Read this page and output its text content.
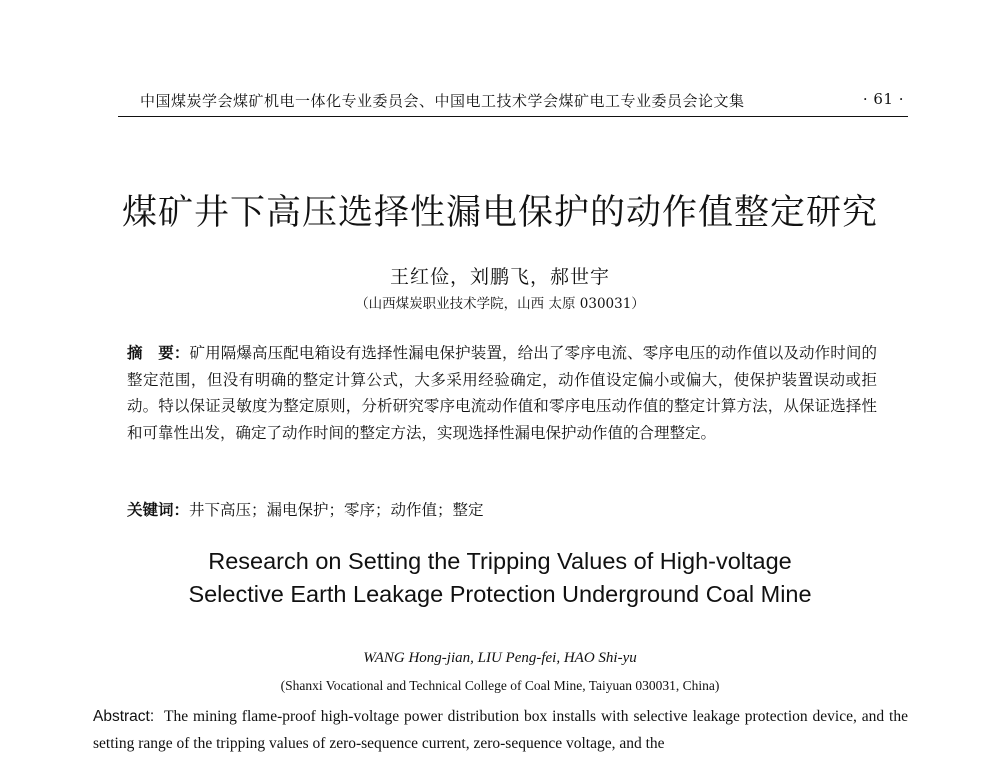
中国煤炭学会煤矿机电一体化专业委员会、中国电工技术学会煤矿电工专业委员会论文集	· 61 ·
煤矿井下高压选择性漏电保护的动作值整定研究
王红俭，刘鹏飞，郝世宇
（山西煤炭职业技术学院，山西 太原 030031）
摘　要：矿用隔爆高压配电箱设有选择性漏电保护装置，给出了零序电流、零序电压的动作值以及动作时间的整定范围，但没有明确的整定计算公式，大多采用经验确定，动作值设定偏小或偏大，使保护装置误动或拒动。特以保证灵敏度为整定原则，分析研究零序电流动作值和零序电压动作值的整定计算方法，从保证选择性和可靠性出发，确定了动作时间的整定方法，实现选择性漏电保护动作值的合理整定。
关键词：井下高压；漏电保护；零序；动作值；整定
Research on Setting the Tripping Values of High-voltage
Selective Earth Leakage Protection Underground Coal Mine
WANG Hong-jian, LIU Peng-fei, HAO Shi-yu
(Shanxi Vocational and Technical College of Coal Mine, Taiyuan 030031, China)
Abstract: The mining flame-proof high-voltage power distribution box installs with selective leakage protection device, and the setting range of the tripping values of zero-sequence current, zero-sequence voltage, and the
